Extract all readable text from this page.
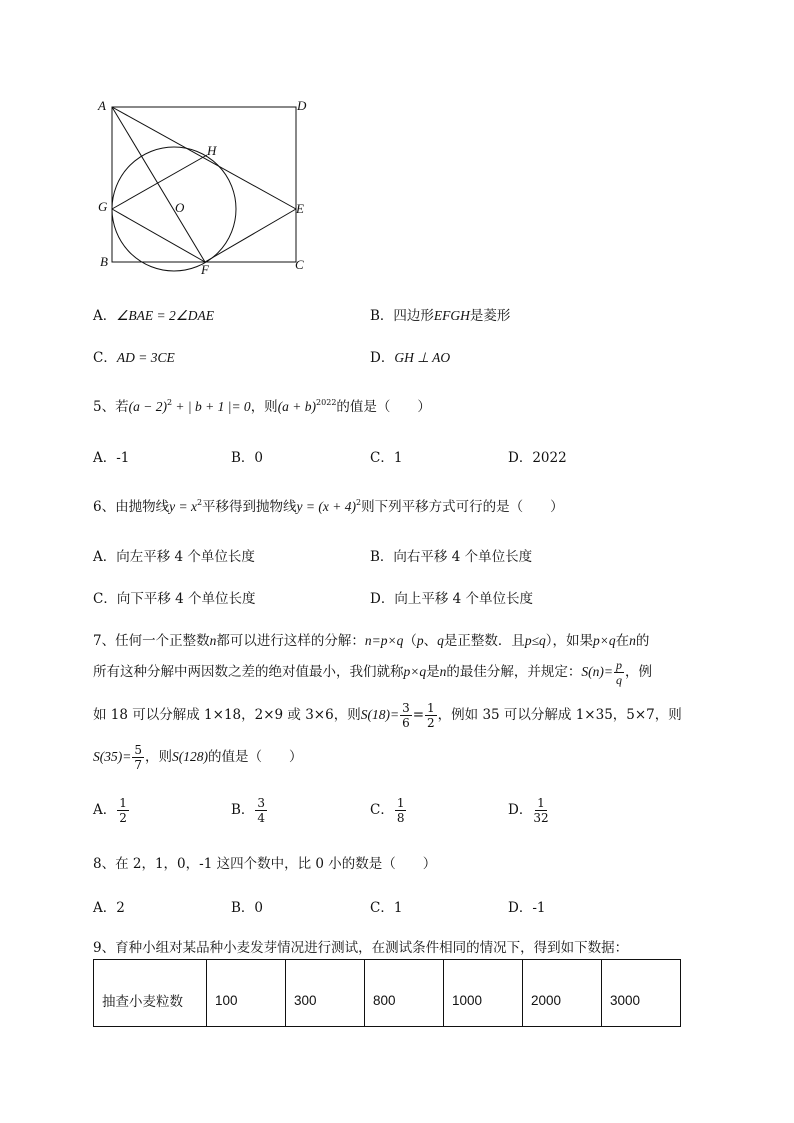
A	D
H
G	O	E
B
F	C
A．∠BAE = 2∠DAE	B．四边形EFGH是菱形
C．AD = 3CE	D．GH ⊥ AO
5、若$(a - 2)^2$ + | b + 1 |= 0，则$(a + b)^{2022}$的值是（　　）
A．-1	B．0	C．1	D．2022
6、由抛物线$y = x^2$平移得到抛物线$y = (x + 4)^2$则下列平移方式可行的是（　　）
A．向左平移 4 个单位长度	B．向右平移 4 个单位长度
C．向下平移 4 个单位长度	D．向上平移 4 个单位长度
7、任何一个正整数n都可以进行这样的分解：n=p×q（p、q是正整数．且p≤q），如果p×q在n的
所有这种分解中两因数之差的绝对值最小，我们就称p×q是n的最佳分解，并规定：$S(n)= \frac{p}{q}$ ，例
如 18 可以分解成 1×18，2×9 或 3×6，则$S(18)= \frac{3}{6} = \frac{1}{2}$ ，例如 35 可以分解成 1×35，5×7，则
$S(35)= \frac{5}{7}$ ，则S(128)的值是（　　）
A． $\frac{1}{2}$	B． $\frac{3}{4}$	C． $\frac{1}{8}$	D． $\frac{1}{32}$
8、在 2，1，0，-1 这四个数中，比 0 小的数是（　　）
A．2	B．0	C．1	D．-1
9、育种小组对某品种小麦发芽情况进行测试，在测试条件相同的情况下，得到如下数据：
抽查小麦粒数	100	300	800	1000	2000	3000
